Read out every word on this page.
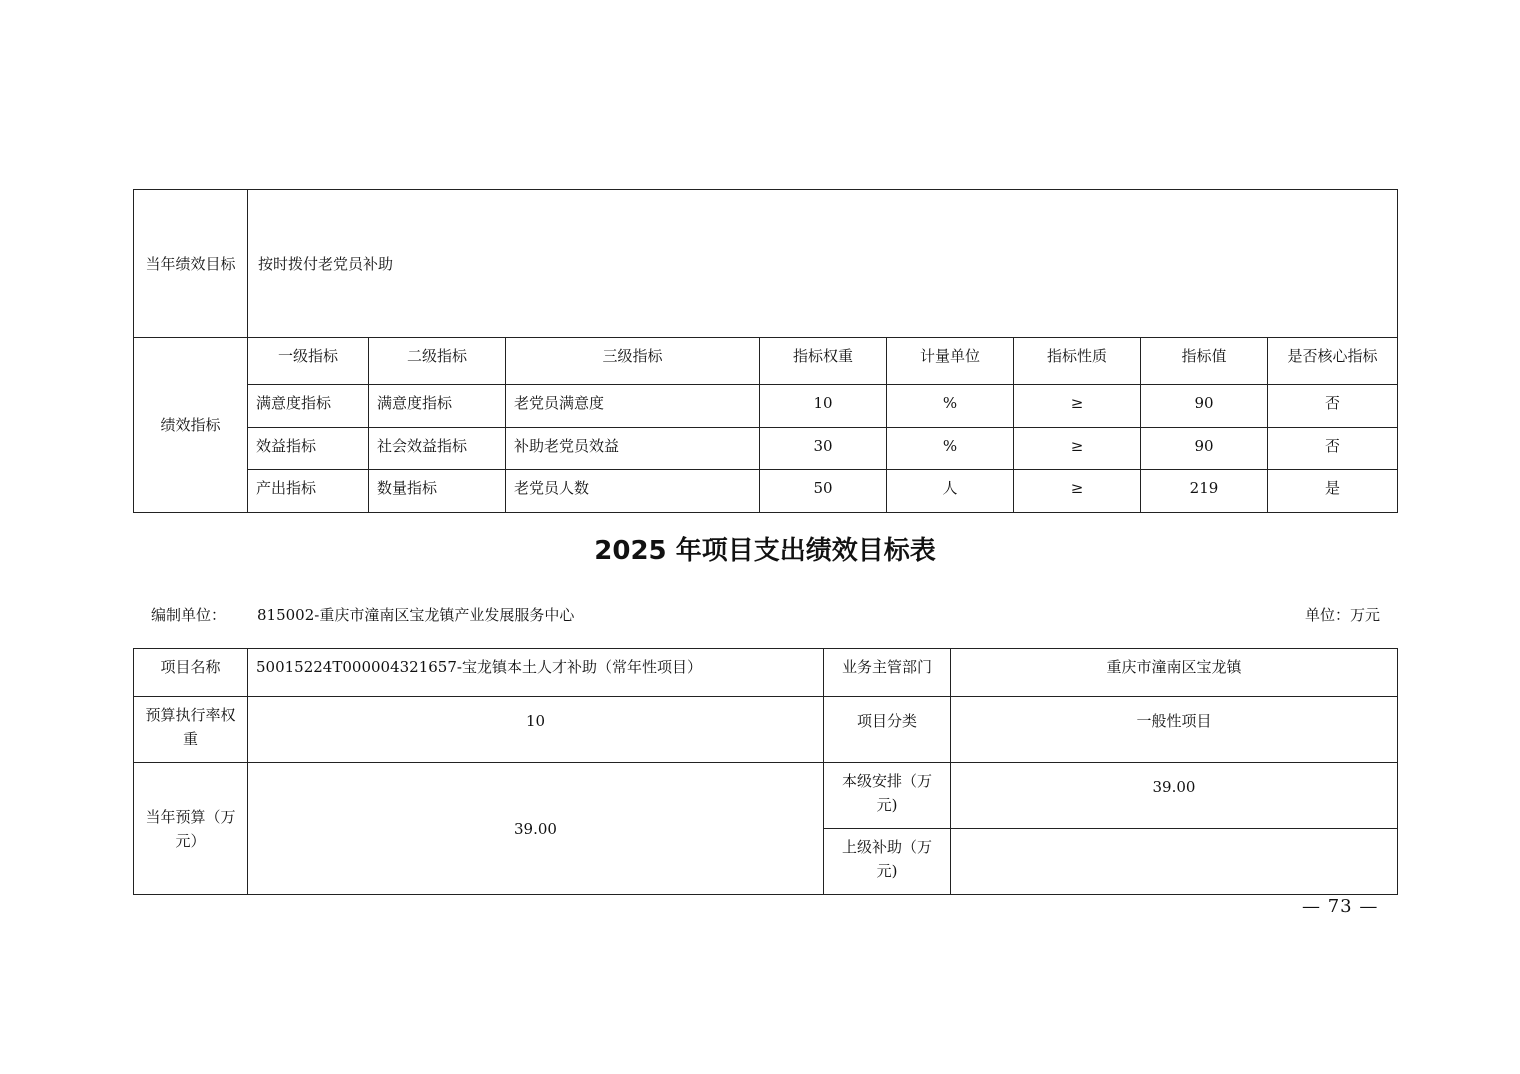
当年绩效目标	按时拨付老党员补助							
绩效指标	一级指标	二级指标	三级指标	指标权重	计量单位	指标性质	指标值	是否核心指标
	满意度指标	满意度指标	老党员满意度	10	%	≥	90	否
	效益指标	社会效益指标	补助老党员效益	30	%	≥	90	否
	产出指标	数量指标	老党员人数	50	人	≥	219	是
2025 年项目支出绩效目标表
编制单位： 815002-重庆市潼南区宝龙镇产业发展服务中心	单位：万元
项目名称	50015224T000004321657-宝龙镇本土人才补助（常年性项目）	业务主管部门	重庆市潼南区宝龙镇
预算执行率权重	10	项目分类	一般性项目
当年预算（万元）	39.00	本级安排（万元)	39.00
		上级补助（万元)	
— 73 —
